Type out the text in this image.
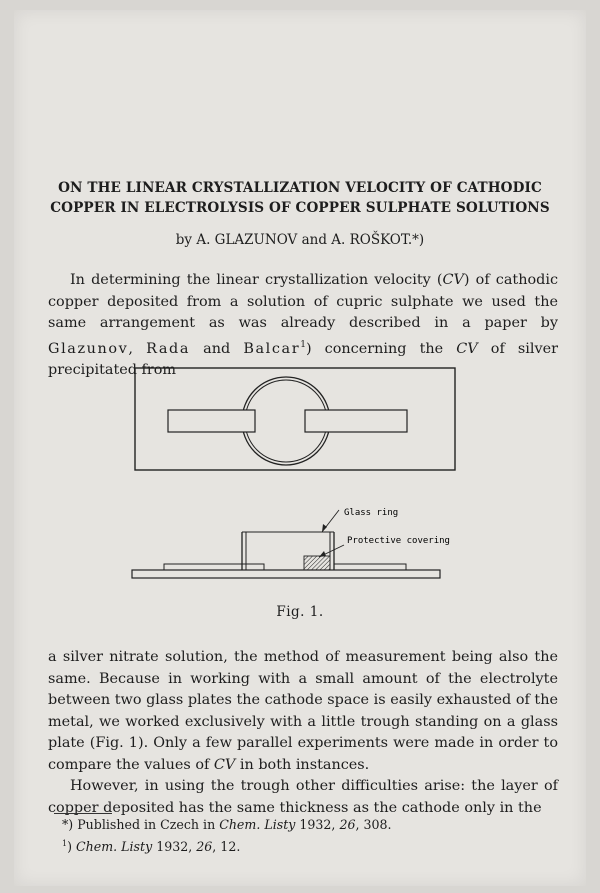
ON THE LINEAR CRYSTALLIZATION VELOCITY OF CATHODIC
COPPER IN ELECTROLYSIS OF COPPER SULPHATE SOLUTIONS
by A. GLAZUNOV and A. ROŠKOT.*)
In determining the linear crystallization velocity (CV) of cathodic copper deposited from a solution of cupric sulphate we used the same arrangement as was already described in a paper by Glazunov, Rada and Balcar$^1$) concerning the CV of silver precipitated from
Glass ring
Protective covering
Fig. 1.
a silver nitrate solution, the method of measurement being also the same. Because in working with a small amount of the electrolyte between two glass plates the cathode space is easily exhausted of the metal, we worked exclusively with a little trough standing on a glass plate (Fig. 1). Only a few parallel experiments were made in order to compare the values of CV in both instances.
However, in using the trough other difficulties arise: the layer of copper deposited has the same thickness as the cathode only in the
*) Published in Czech in Chem. Listy 1932, 26, 308.
$^1$) Chem. Listy 1932, 26, 12.
